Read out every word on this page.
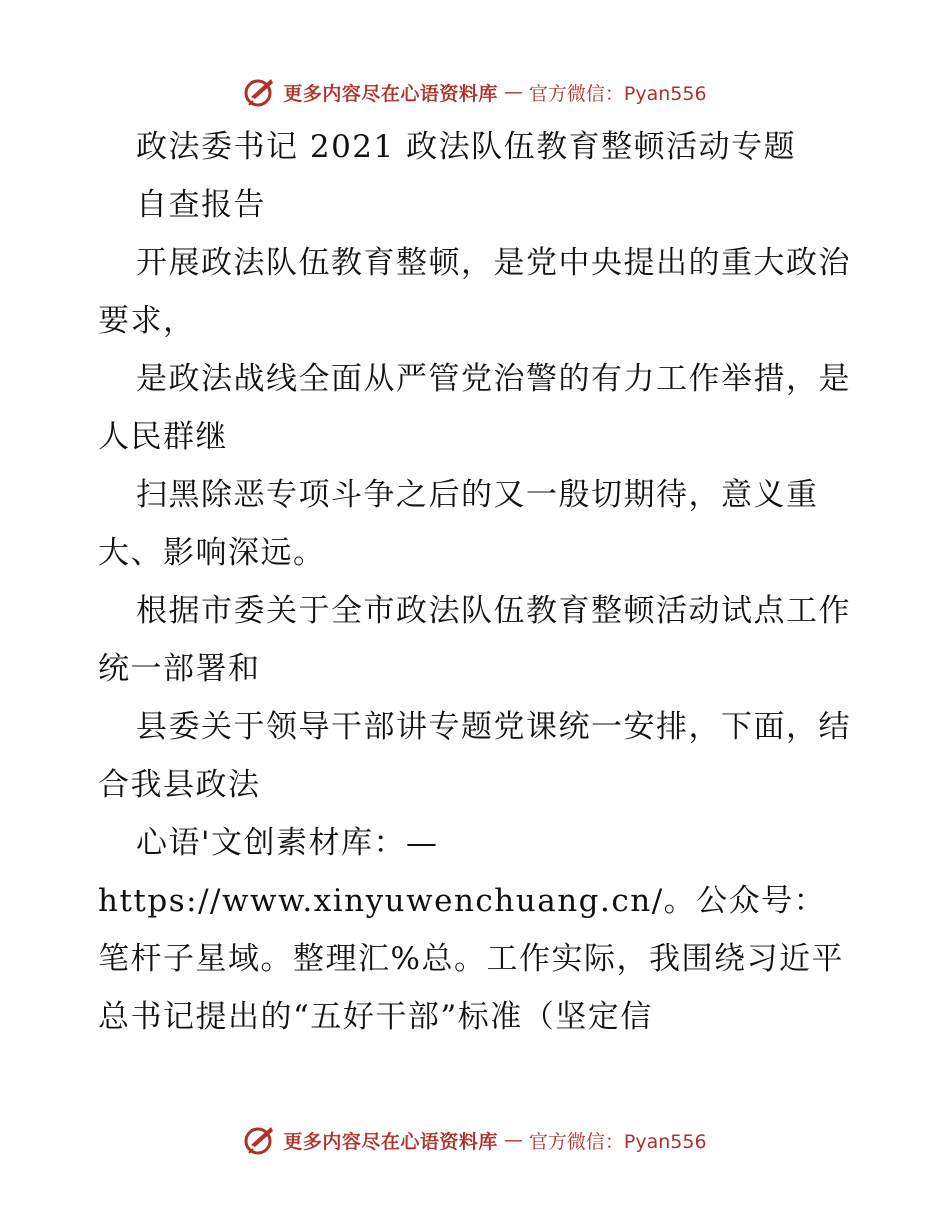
更多内容尽在心语资料库 — 官方微信：Pyan556

政法委书记 2021 政法队伍教育整顿活动专题

自查报告

开展政法队伍教育整顿，是党中央提出的重大政治要求，

是政法战线全面从严管党治警的有力工作举措，是人民群继

扫黑除恶专项斗争之后的又一殷切期待，意义重大、影响深远。

根据市委关于全市政法队伍教育整顿活动试点工作统一部署和

县委关于领导干部讲专题党课统一安排，下面，结合我县政法

心语'文创素材库：—https://www.xinyuwenchuang.cn/。公众号：笔杆子星域。整理汇%总。工作实际，我围绕习近平总书记提出的“五好干部”标准（坚定信

更多内容尽在心语资料库 — 官方微信：Pyan556
